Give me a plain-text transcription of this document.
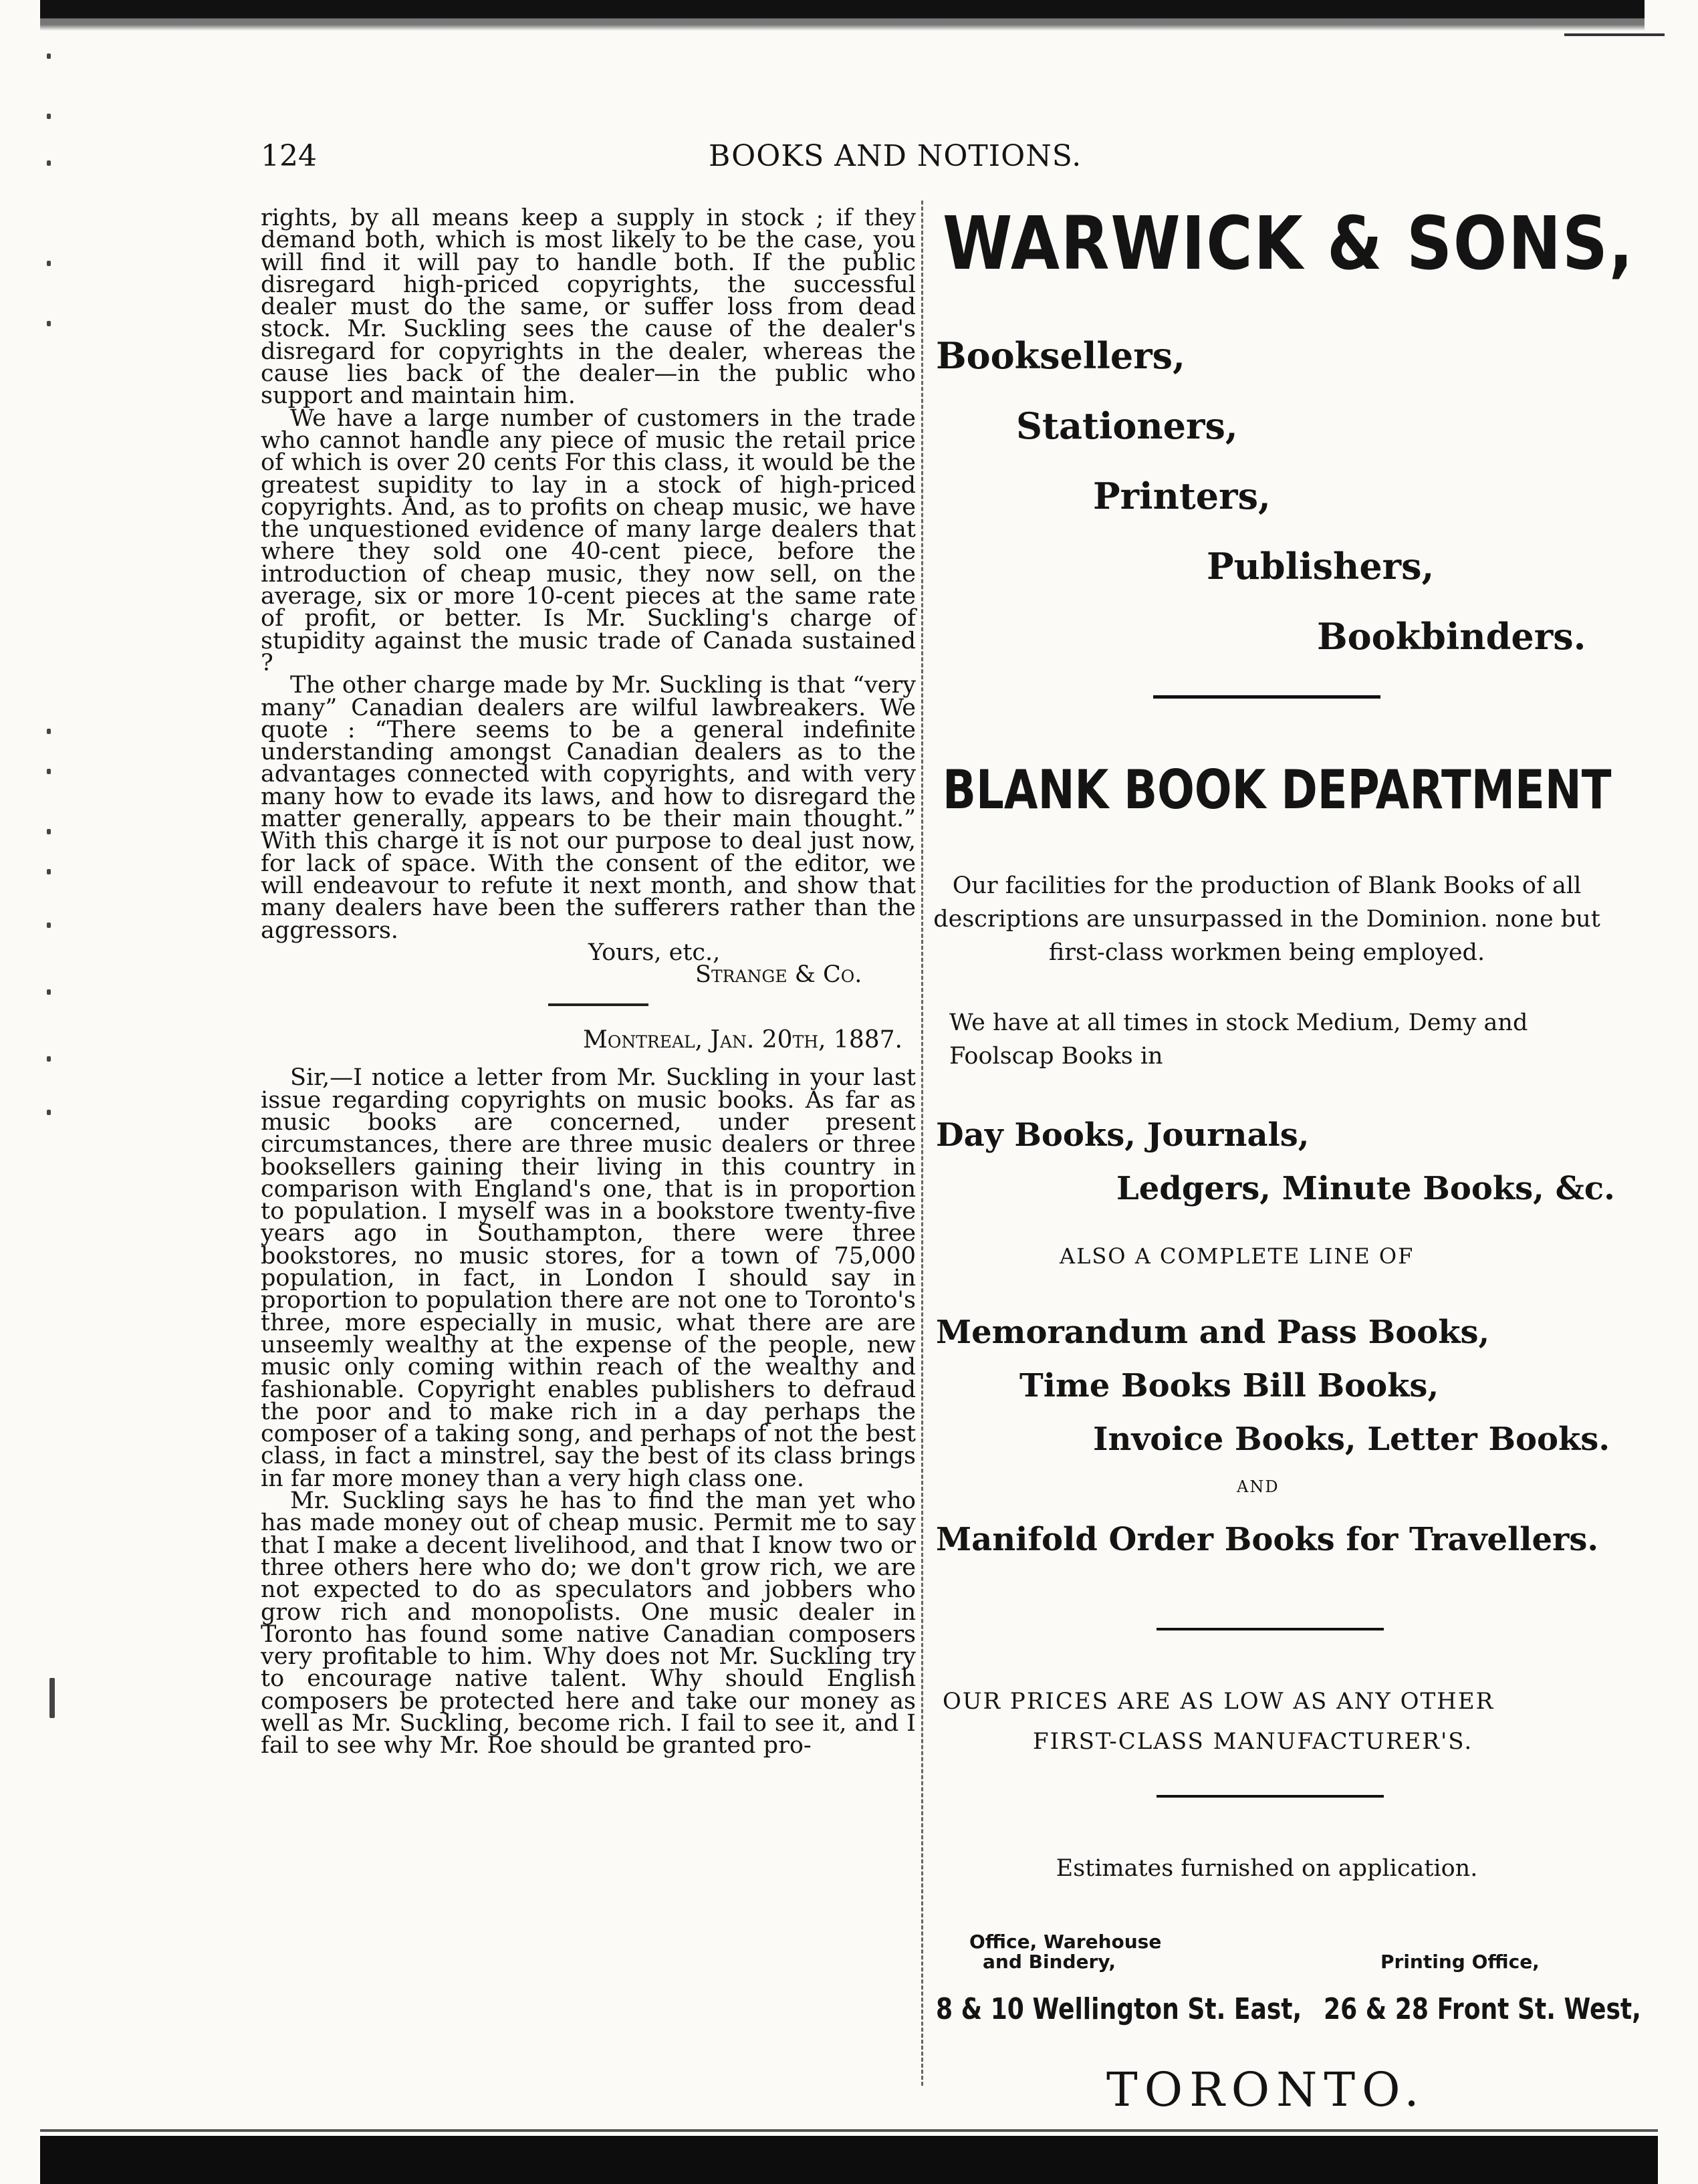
124	BOOKS AND NOTIONS.

rights, by all means keep a supply in stock ; if they demand both, which is most likely to be the case, you will find it will pay to handle both. If the public disregard high-priced copyrights, the successful dealer must do the same, or suffer loss from dead stock. Mr. Suckling sees the cause of the dealer's disregard for copyrights in the dealer, whereas the cause lies back of the dealer—in the public who support and maintain him.

We have a large number of customers in the trade who cannot handle any piece of music the retail price of which is over 20 cents For this class, it would be the greatest supidity to lay in a stock of high-priced copyrights. And, as to profits on cheap music, we have the unquestioned evidence of many large dealers that where they sold one 40-cent piece, before the introduction of cheap music, they now sell, on the average, six or more 10-cent pieces at the same rate of profit, or better. Is Mr. Suckling's charge of stupidity against the music trade of Canada sustained ?

The other charge made by Mr. Suckling is that “very many” Canadian dealers are wilful lawbreakers. We quote : “There seems to be a general indefinite understanding amongst Canadian dealers as to the advantages connected with copyrights, and with very many how to evade its laws, and how to disregard the matter generally, appears to be their main thought.” With this charge it is not our purpose to deal just now, for lack of space. With the consent of the editor, we will endeavour to refute it next month, and show that many dealers have been the sufferers rather than the aggressors.

Yours, etc.,
Strange & Co.
Montreal, Jan. 20th, 1887.

Sir,—I notice a letter from Mr. Suckling in your last issue regarding copyrights on music books. As far as music books are concerned, under present circumstances, there are three music dealers or three booksellers gaining their living in this country in comparison with England's one, that is in proportion to population. I myself was in a bookstore twenty-five years ago in Southampton, there were three bookstores, no music stores, for a town of 75,000 population, in fact, in London I should say in proportion to population there are not one to Toronto's three, more especially in music, what there are are unseemly wealthy at the expense of the people, new music only coming within reach of the wealthy and fashionable. Copyright enables publishers to defraud the poor and to make rich in a day perhaps the composer of a taking song, and perhaps of not the best class, in fact a minstrel, say the best of its class brings in far more money than a very high class one.

Mr. Suckling says he has to find the man yet who has made money out of cheap music. Permit me to say that I make a decent livelihood, and that I know two or three others here who do; we don't grow rich, we are not expected to do as speculators and jobbers who grow rich and monopolists. One music dealer in Toronto has found some native Canadian composers very profitable to him. Why does not Mr. Suckling try to encourage native talent. Why should English composers be protected here and take our money as well as Mr. Suckling, become rich. I fail to see it, and I fail to see why Mr. Roe should be granted pro-

WARWICK & SONS,
Booksellers,
Stationers,
Printers,
Publishers,
Bookbinders.
BLANK BOOK DEPARTMENT
Our facilities for the production of Blank Books of all descriptions are unsurpassed in the Dominion. none but first-class workmen being employed.
We have at all times in stock Medium, Demy and Foolscap Books in
Day Books, Journals,
Ledgers, Minute Books, &c.
ALSO A COMPLETE LINE OF
Memorandum and Pass Books,
Time Books Bill Books,
Invoice Books, Letter Books.
AND
Manifold Order Books for Travellers.
OUR PRICES ARE AS LOW AS ANY OTHER
FIRST-CLASS MANUFACTURER'S.
Estimates furnished on application.
Office, Warehouse
and Bindery,	Printing Office,
8 & 10 Wellington St. East, 26 & 28 Front St. West,
TORONTO.
